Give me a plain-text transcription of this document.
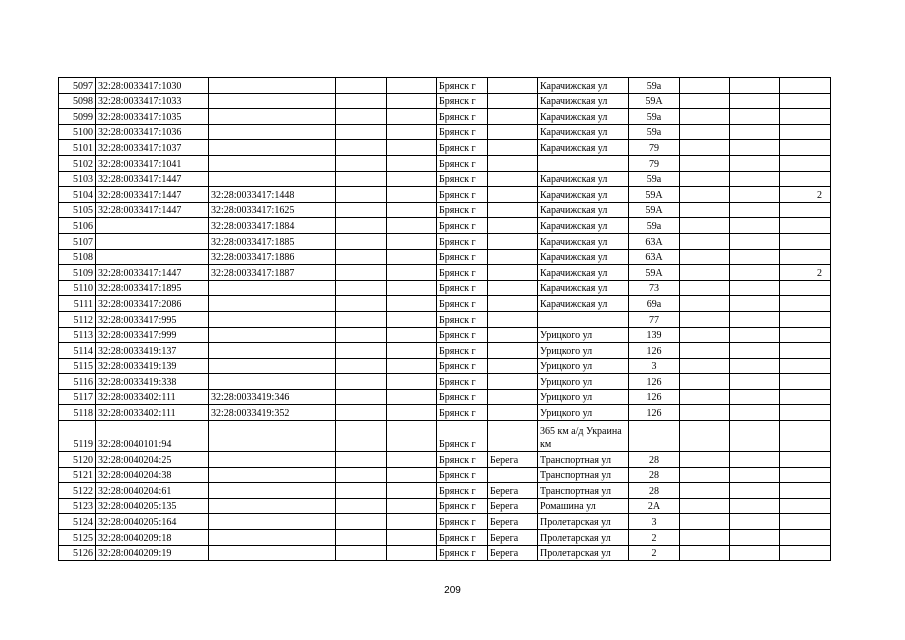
5097	32:28:0033417:1030				Брянск г		Карачижская ул	59а			
5098	32:28:0033417:1033				Брянск г		Карачижская ул	59А			
5099	32:28:0033417:1035				Брянск г		Карачижская ул	59а			
5100	32:28:0033417:1036				Брянск г		Карачижская ул	59а			
5101	32:28:0033417:1037				Брянск г		Карачижская ул	79			
5102	32:28:0033417:1041				Брянск г			79			
5103	32:28:0033417:1447				Брянск г		Карачижская ул	59а			
5104	32:28:0033417:1447	32:28:0033417:1448			Брянск г		Карачижская ул	59А			2
5105	32:28:0033417:1447	32:28:0033417:1625			Брянск г		Карачижская ул	59А			
5106		32:28:0033417:1884			Брянск г		Карачижская ул	59а			
5107		32:28:0033417:1885			Брянск г		Карачижская ул	63А			
5108		32:28:0033417:1886			Брянск г		Карачижская ул	63А			
5109	32:28:0033417:1447	32:28:0033417:1887			Брянск г		Карачижская ул	59А			2
5110	32:28:0033417:1895				Брянск г		Карачижская ул	73			
5111	32:28:0033417:2086				Брянск г		Карачижская ул	69а			
5112	32:28:0033417:995				Брянск г			77			
5113	32:28:0033417:999				Брянск г		Урицкого ул	139			
5114	32:28:0033419:137				Брянск г		Урицкого ул	126			
5115	32:28:0033419:139				Брянск г		Урицкого ул	3			
5116	32:28:0033419:338				Брянск г		Урицкого ул	126			
5117	32:28:0033402:111	32:28:0033419:346			Брянск г		Урицкого ул	126			
5118	32:28:0033402:111	32:28:0033419:352			Брянск г		Урицкого ул	126			
5119	32:28:0040101:94				Брянск г		365 км а/д Украина км				
5120	32:28:0040204:25				Брянск г	Берега	Транспортная ул	28			
5121	32:28:0040204:38				Брянск г		Транспортная ул	28			
5122	32:28:0040204:61				Брянск г	Берега	Транспортная ул	28			
5123	32:28:0040205:135				Брянск г	Берега	Ромашина ул	2А			
5124	32:28:0040205:164				Брянск г	Берега	Пролетарская ул	3			
5125	32:28:0040209:18				Брянск г	Берега	Пролетарская ул	2			
5126	32:28:0040209:19				Брянск г	Берега	Пролетарская ул	2			
209
